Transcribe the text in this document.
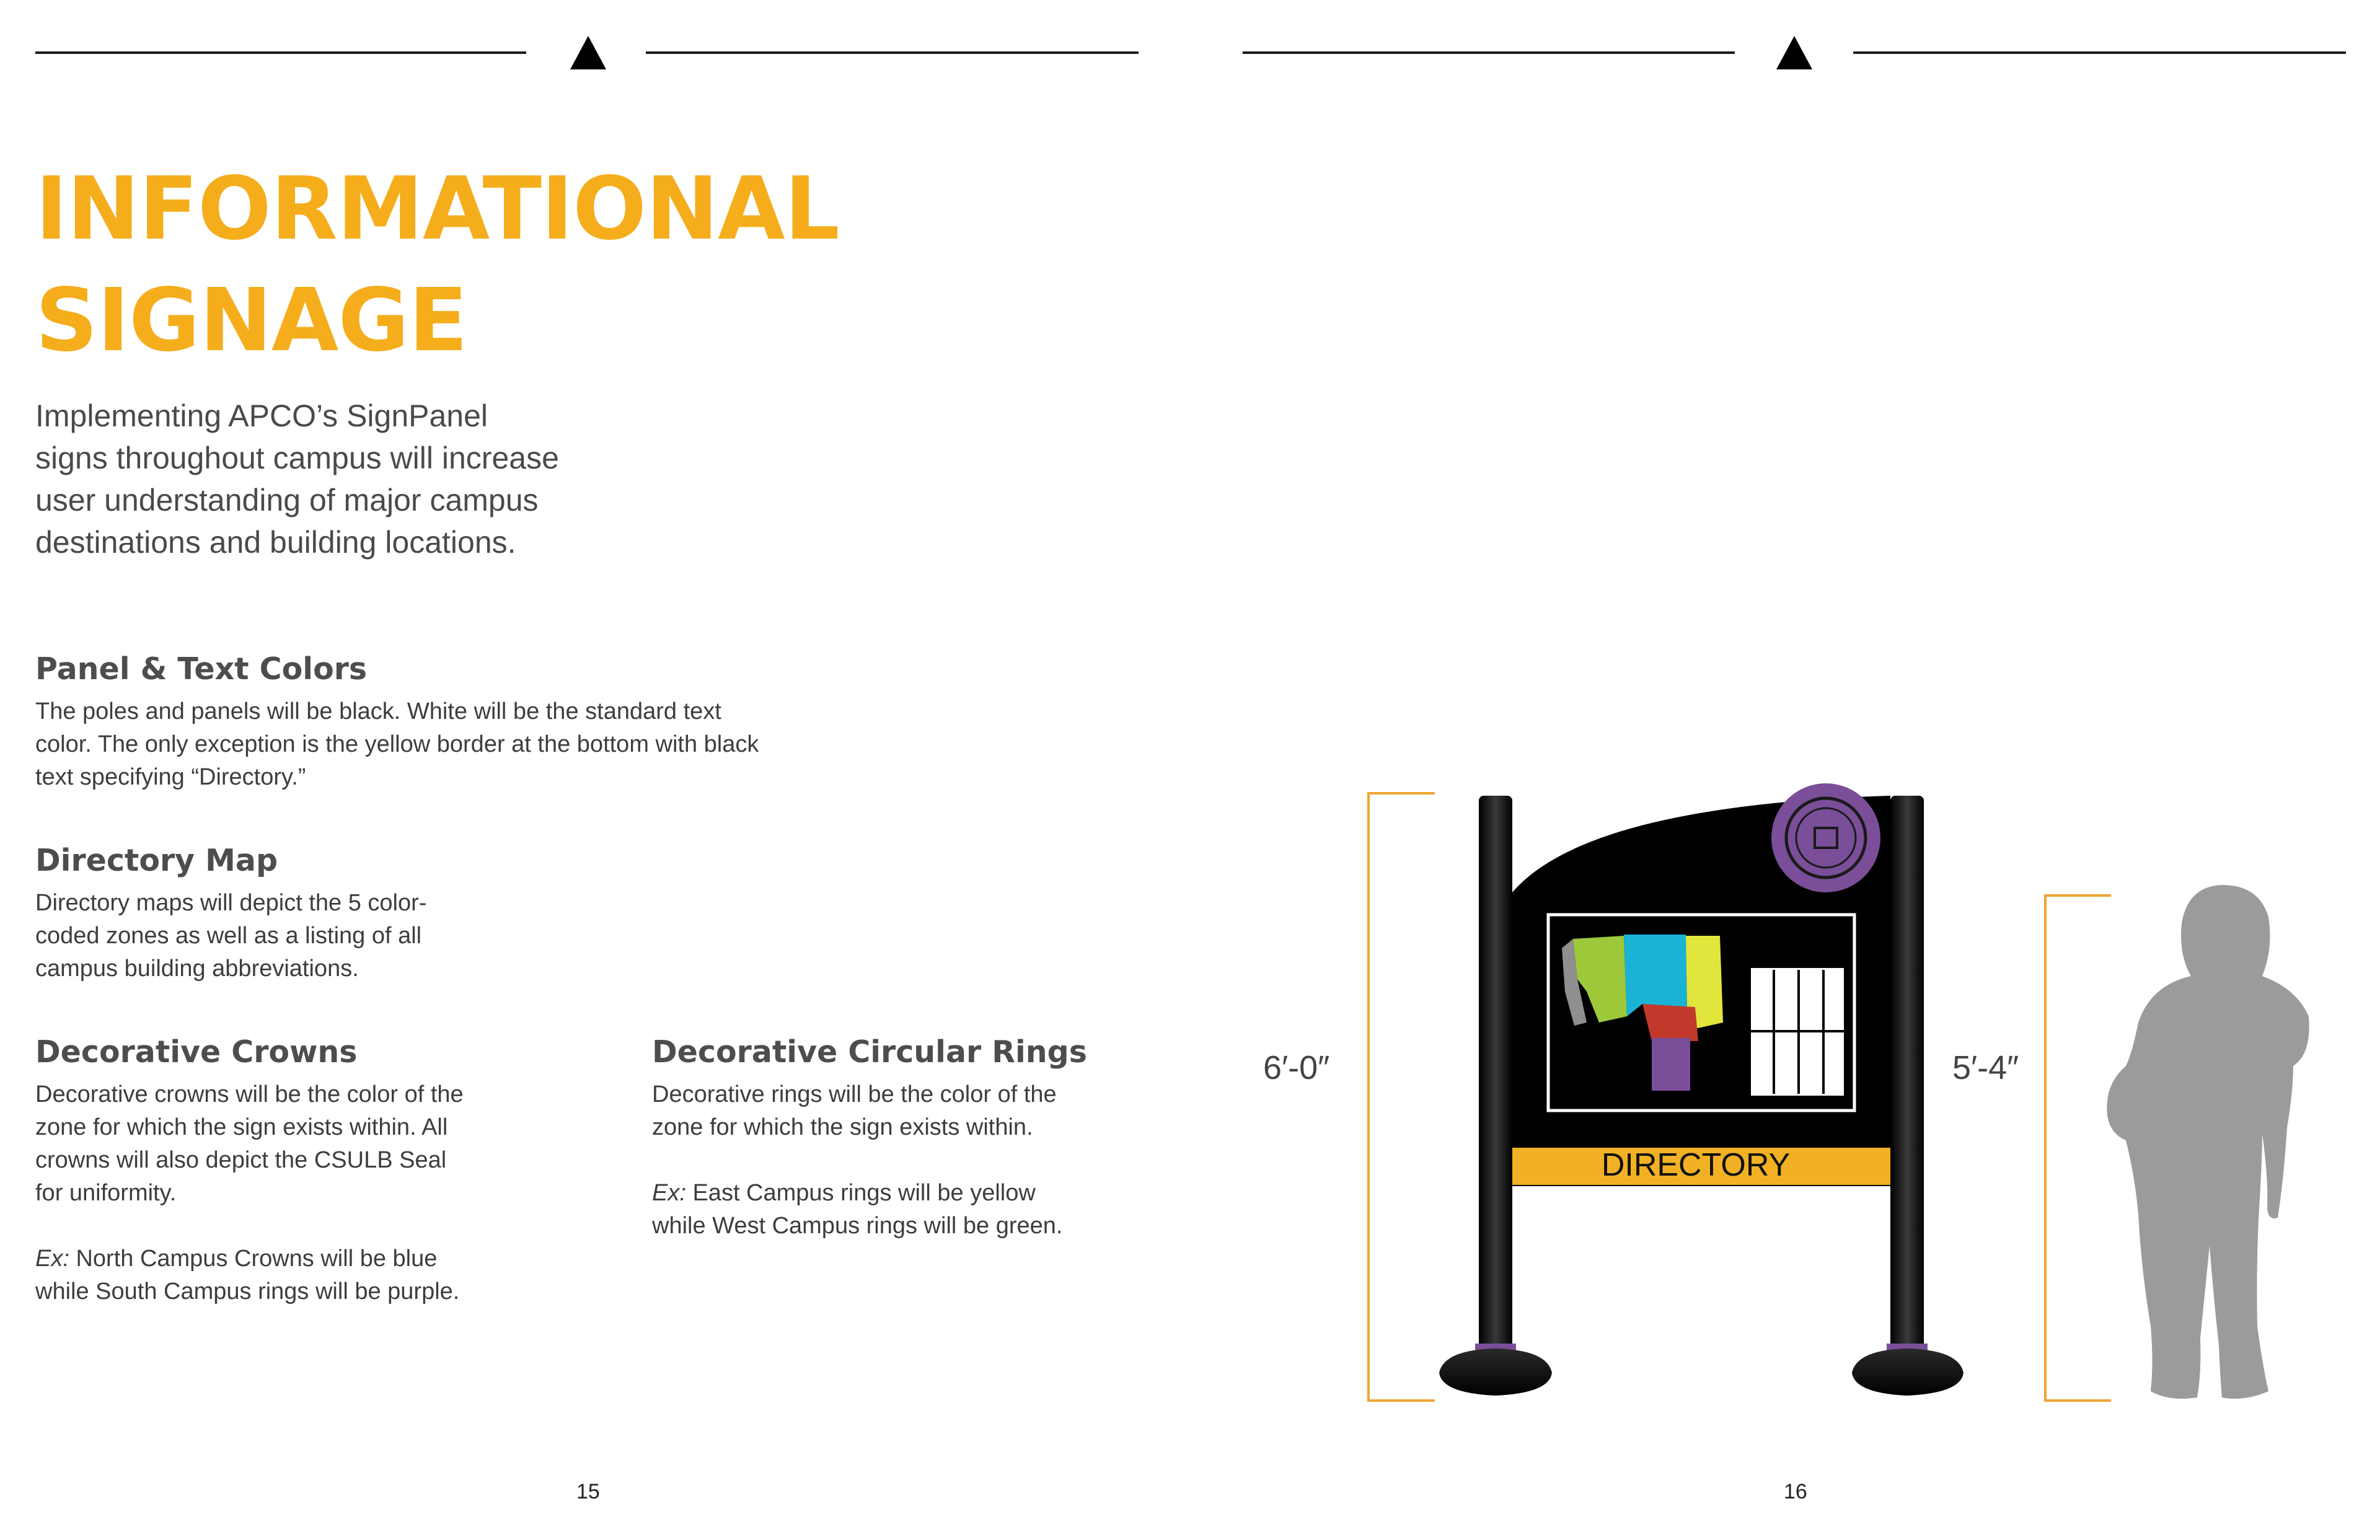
INFORMATIONAL
SIGNAGE

Implementing APCO’s SignPanel
signs throughout campus will increase
user understanding of major campus
destinations and building locations.

Panel & Text Colors

The poles and panels will be black. White will be the standard text
color. The only exception is the yellow border at the bottom with black
text specifying “Directory.”

Directory Map

Directory maps will depict the 5 color-
coded zones as well as a listing of all
campus building abbreviations.

Decorative Crowns

Decorative crowns will be the color of the
zone for which the sign exists within. All
crowns will also depict the CSULB Seal
for uniformity.

Ex: North Campus Crowns will be blue
while South Campus rings will be purple.

Decorative Circular Rings

Decorative rings will be the color of the
zone for which the sign exists within.

Ex: East Campus rings will be yellow
while West Campus rings will be green.

15	16
6′-0″	5′-4″
DIRECTORY
